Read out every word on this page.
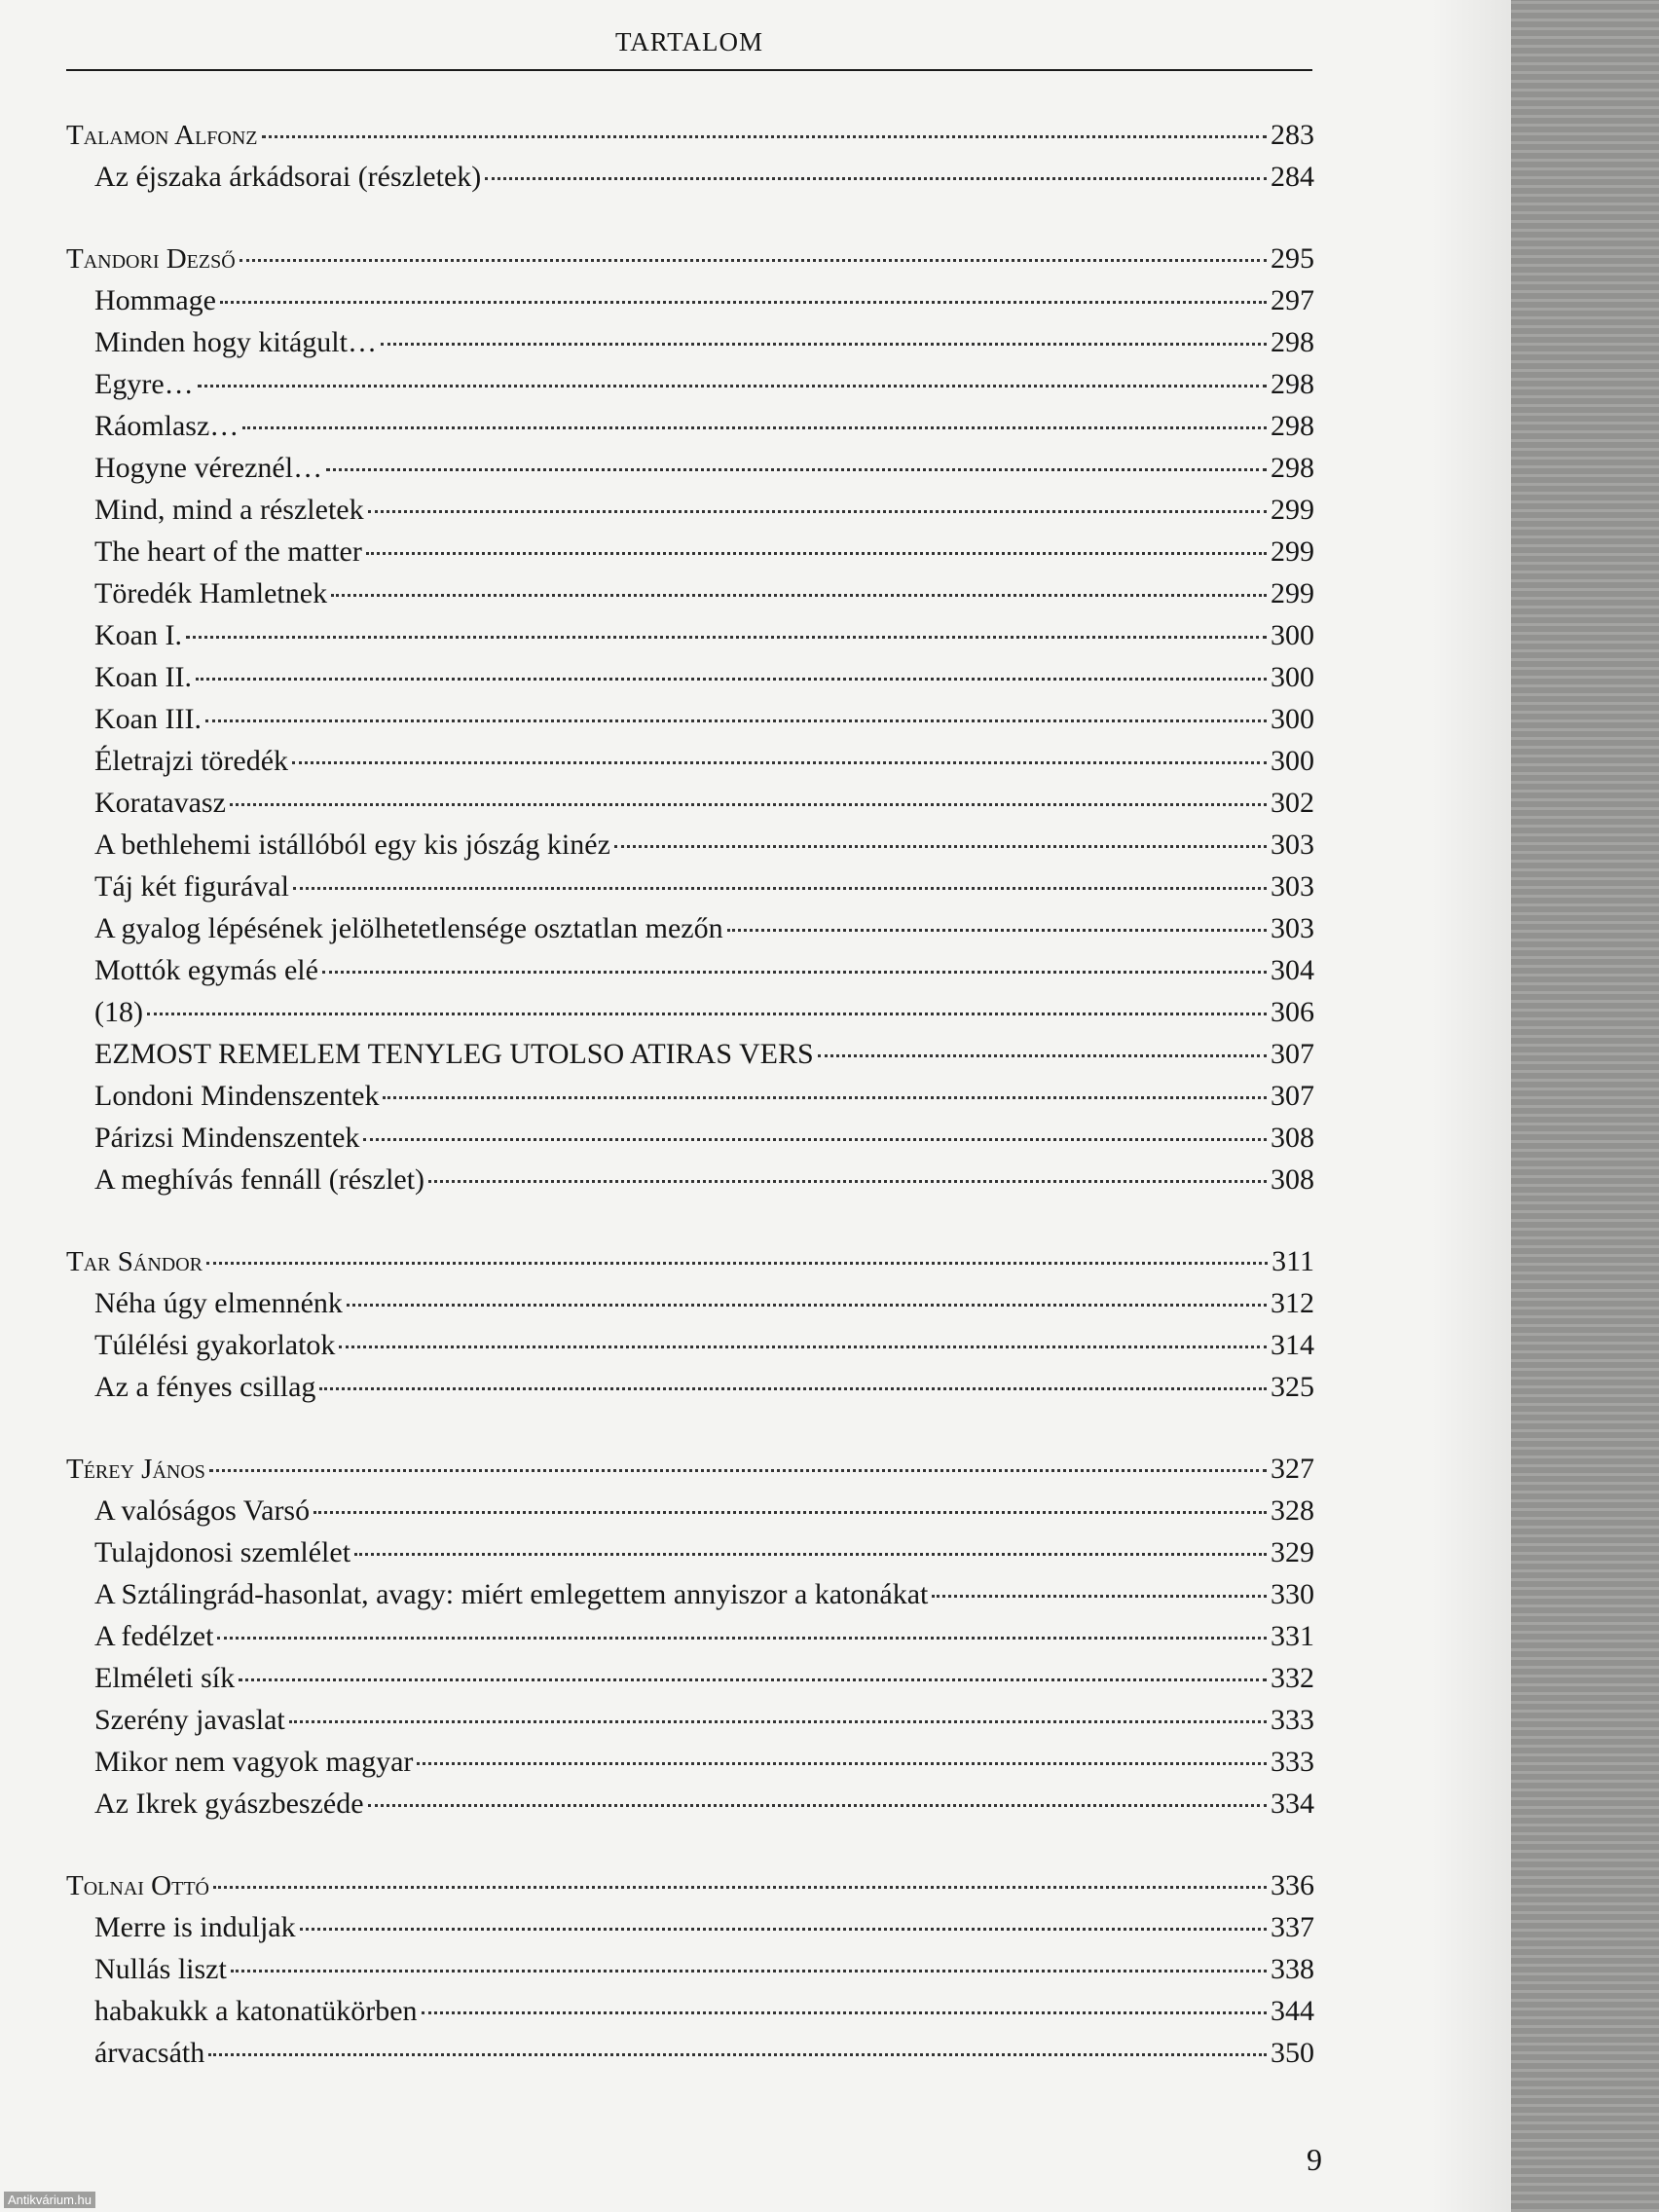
TARTALOM
Talamon Alfonz	283
Az éjszaka árkádsorai (részletek)	284
Tandori Dezső	295
Hommage	297
Minden hogy kitágult…	298
Egyre…	298
Ráomlasz…	298
Hogyne véreznél…	298
Mind, mind a részletek	299
The heart of the matter	299
Töredék Hamletnek	299
Koan I.	300
Koan II.	300
Koan III.	300
Életrajzi töredék	300
Koratavasz	302
A bethlehemi istállóból egy kis jószág kinéz	303
Táj két figurával	303
A gyalog lépésének jelölhetetlensége osztatlan mezőn	303
Mottók egymás elé	304
(18)	306
EZMOST REMELEM TENYLEG UTOLSO ATIRAS VERS	307
Londoni Mindenszentek	307
Párizsi Mindenszentek	308
A meghívás fennáll (részlet)	308
Tar Sándor	311
Néha úgy elmennénk	312
Túlélési gyakorlatok	314
Az a fényes csillag	325
Térey János	327
A valóságos Varsó	328
Tulajdonosi szemlélet	329
A Sztálingrád-hasonlat, avagy: miért emlegettem annyiszor a katonákat	330
A fedélzet	331
Elméleti sík	332
Szerény javaslat	333
Mikor nem vagyok magyar	333
Az Ikrek gyászbeszéde	334
Tolnai Ottó	336
Merre is induljak	337
Nullás liszt	338
habakukk a katonatükörben	344
árvacsáth	350
9
Antikvárium.hu
